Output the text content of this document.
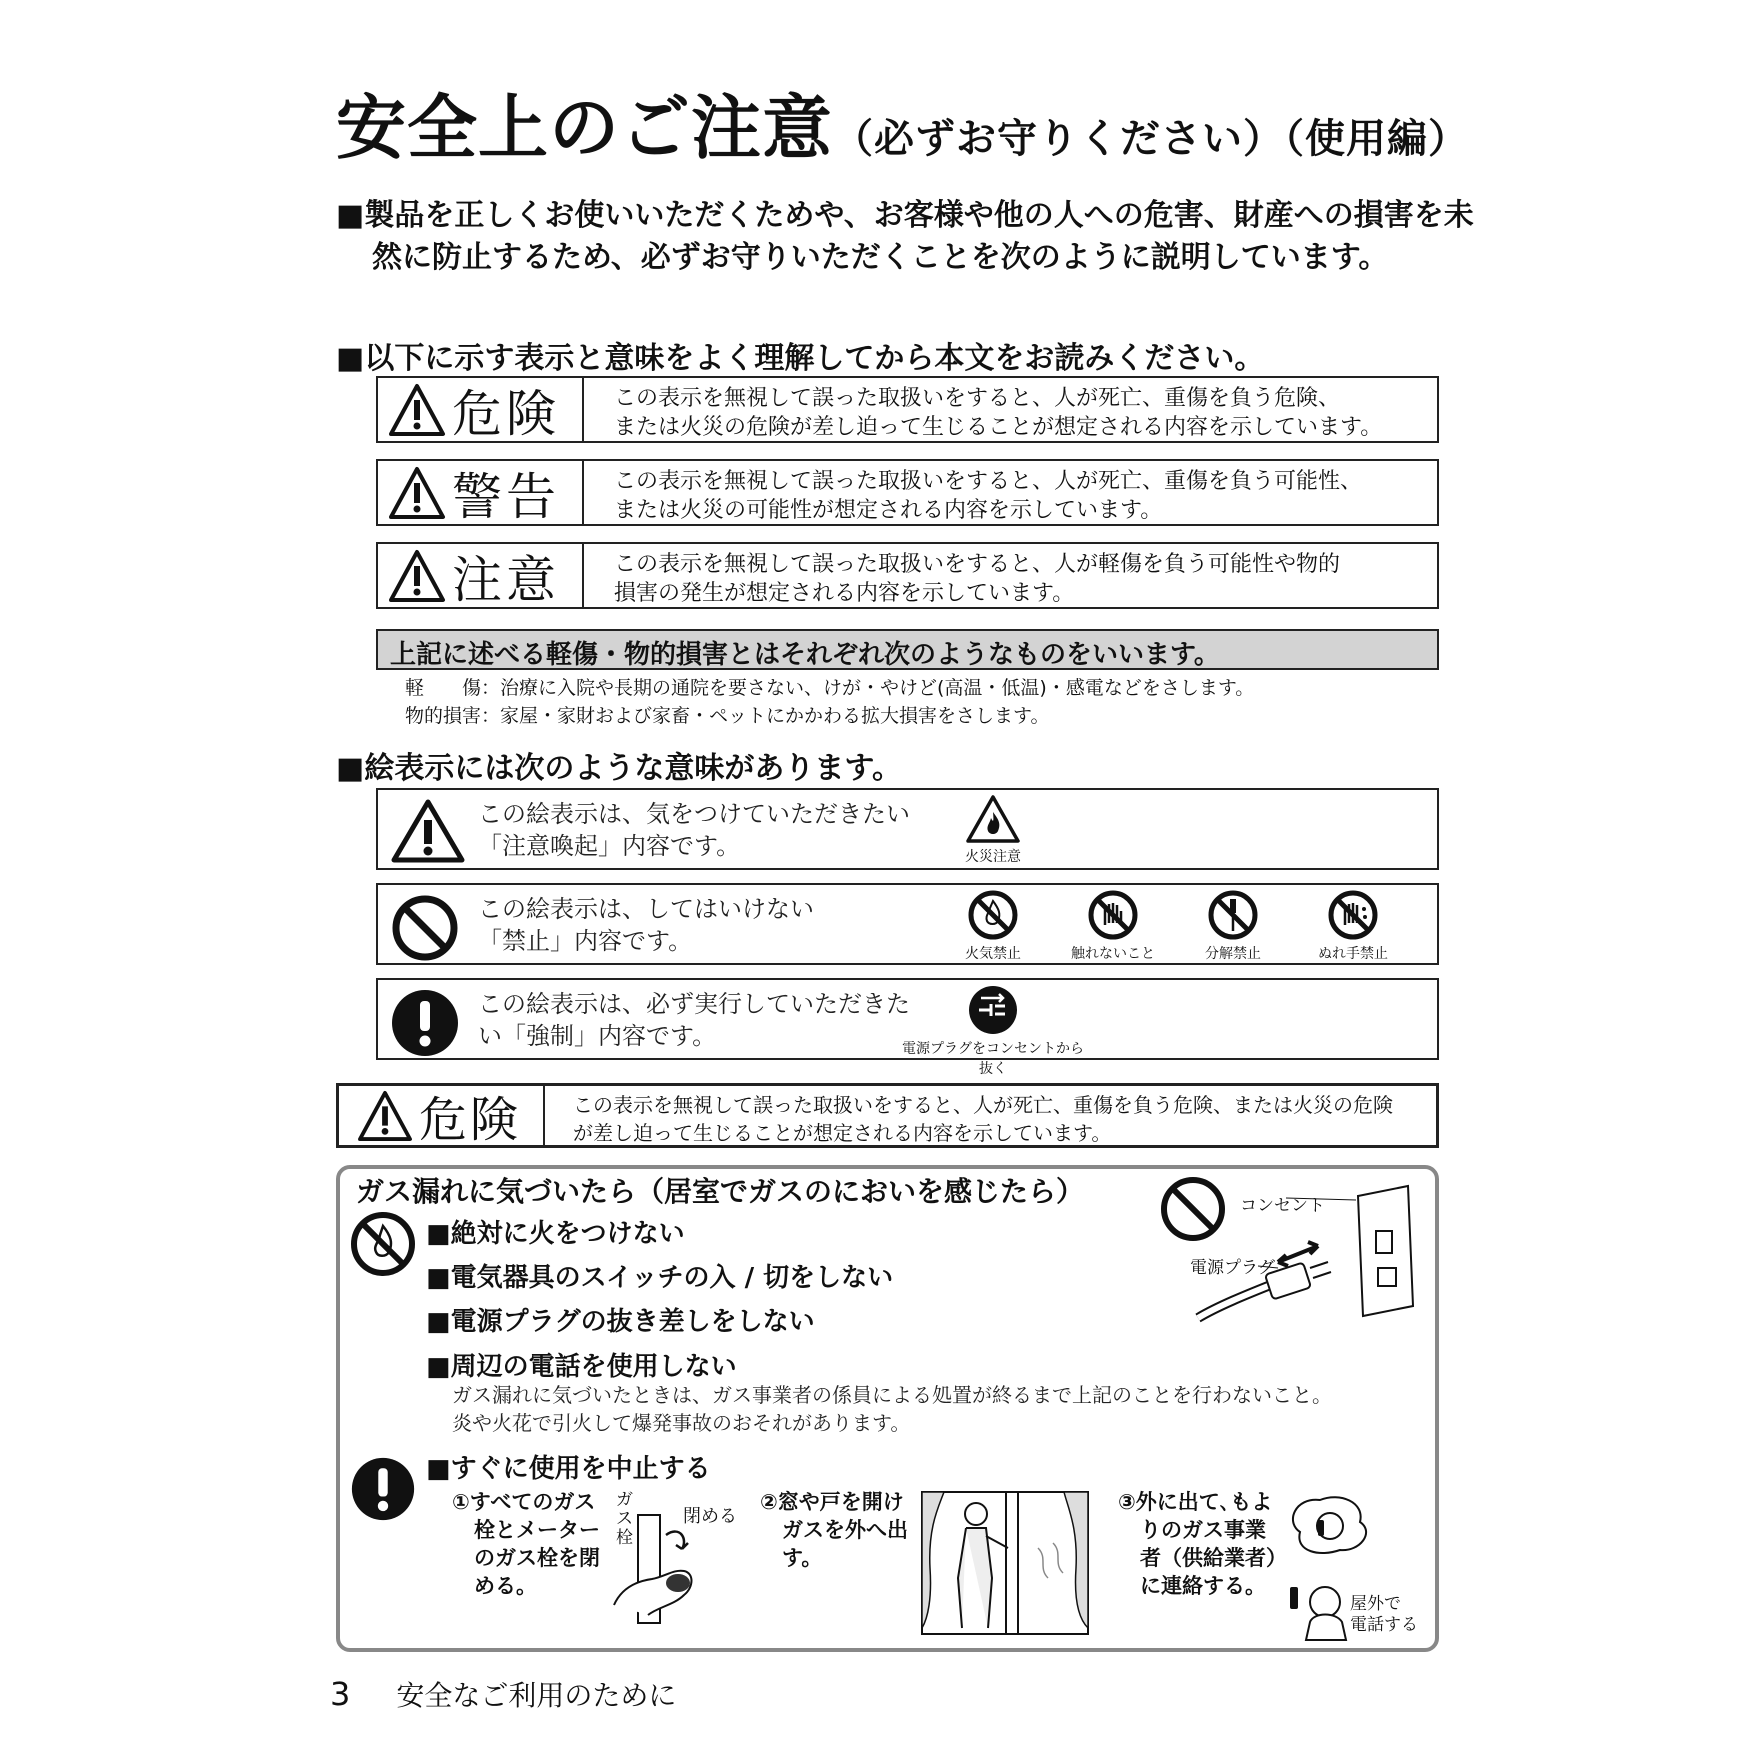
安全上のご注意（必ずお守りください）（使用編）
■製品を正しくお使いいただくためや、お客様や他の人への危害、財産への損害を未然に防止するため、必ずお守りいただくことを次のように説明しています。
■以下に示す表示と意味をよく理解してから本文をお読みください。
危険 この表示を無視して誤った取扱いをすると、人が死亡、重傷を負う危険、
または火災の危険が差し迫って生じることが想定される内容を示しています。
警告 この表示を無視して誤った取扱いをすると、人が死亡、重傷を負う可能性、
または火災の可能性が想定される内容を示しています。
注意 この表示を無視して誤った取扱いをすると、人が軽傷を負う可能性や物的
損害の発生が想定される内容を示しています。
上記に述べる軽傷・物的損害とはそれぞれ次のようなものをいいます。
軽　　傷：治療に入院や長期の通院を要さない、けが・やけど(高温・低温)・感電などをさします。
物的損害：家屋・家財および家畜・ペットにかかわる拡大損害をさします。
■絵表示には次のような意味があります。
この絵表示は、気をつけていただきたい
「注意喚起」内容です。	火災注意
この絵表示は、してはいけない
「禁止」内容です。	火気禁止	触れないこと	分解禁止	ぬれ手禁止
この絵表示は、必ず実行していただきた
い「強制」内容です。	電源プラグをコンセントから抜く
危険	この表示を無視して誤った取扱いをすると、人が死亡、重傷を負う危険、または火災の危険
が差し迫って生じることが想定される内容を示しています。
ガス漏れに気づいたら（居室でガスのにおいを感じたら）
■絶対に火をつけない
■電気器具のスイッチの入 / 切をしない
■電源プラグの抜き差しをしない
■周辺の電話を使用しない
ガス漏れに気づいたときは、ガス事業者の係員による処置が終るまで上記のことを行わないこと。
炎や火花で引火して爆発事故のおそれがあります。
コンセント
電源プラグ
■すぐに使用を中止する
①すべてのガス
栓とメーター
のガス栓を閉
める。
ガス栓
閉める
②窓や戸を開け
ガスを外へ出
す。
③外に出て､もよ
りのガス事業
者（供給業者）
に連絡する。
屋外で
電話する
3 安全なご利用のために
